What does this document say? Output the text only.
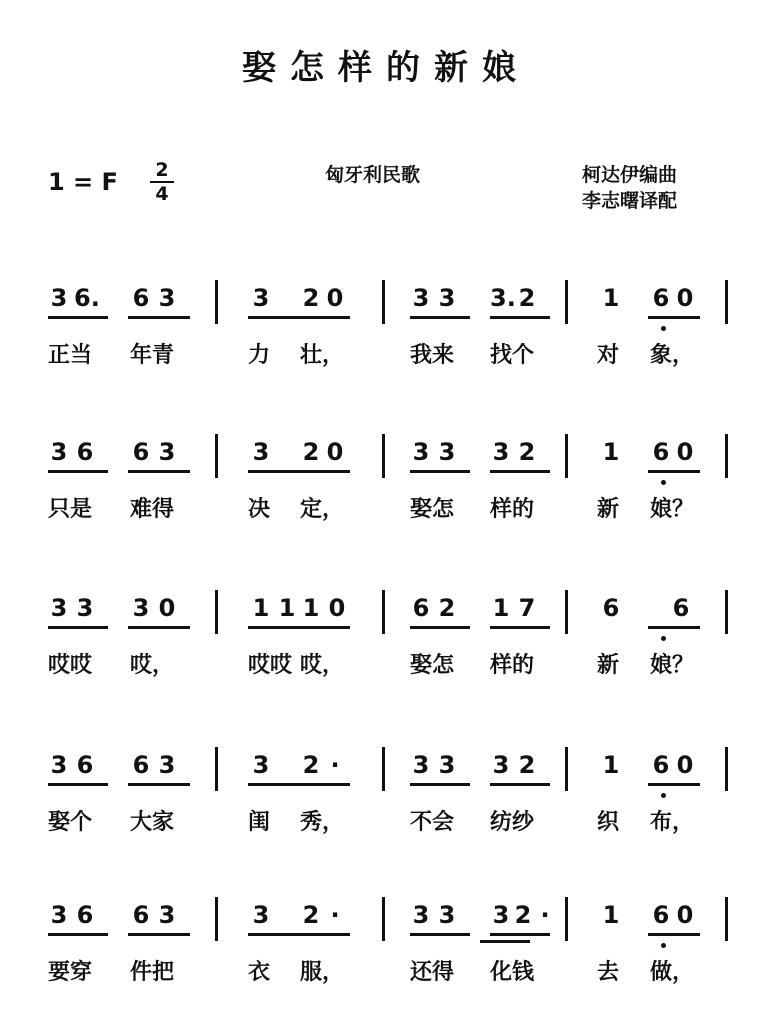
娶怎样的新娘
1 = F 2
4
匈牙利民歌	柯达伊编曲
李志曙译配
3 6. 6 3	3 2 0	3 3 3. 2	1 6 0
正当 年青	力 壮，	我来 找个	对 象，
3 6 6 3	3 2 0	3 3 3 2	1 6 0
只是 难得	决 定，	娶怎 样的	新 娘？
3 3 3 0	1 1 1 0	6 2 1 7	6 6
哎哎 哎，	哎哎 哎，	娶怎 样的	新 娘？
3 6 6 3	3 2 ·	3 3 3 2	1 6 0
娶个 大家	闺 秀，	不会 纺纱	织 布，
3 6 6 3	3 2 ·	3 3 3 2 · 1 6 0
要穿 件把	衣 服，	还得 化钱	去 做，
